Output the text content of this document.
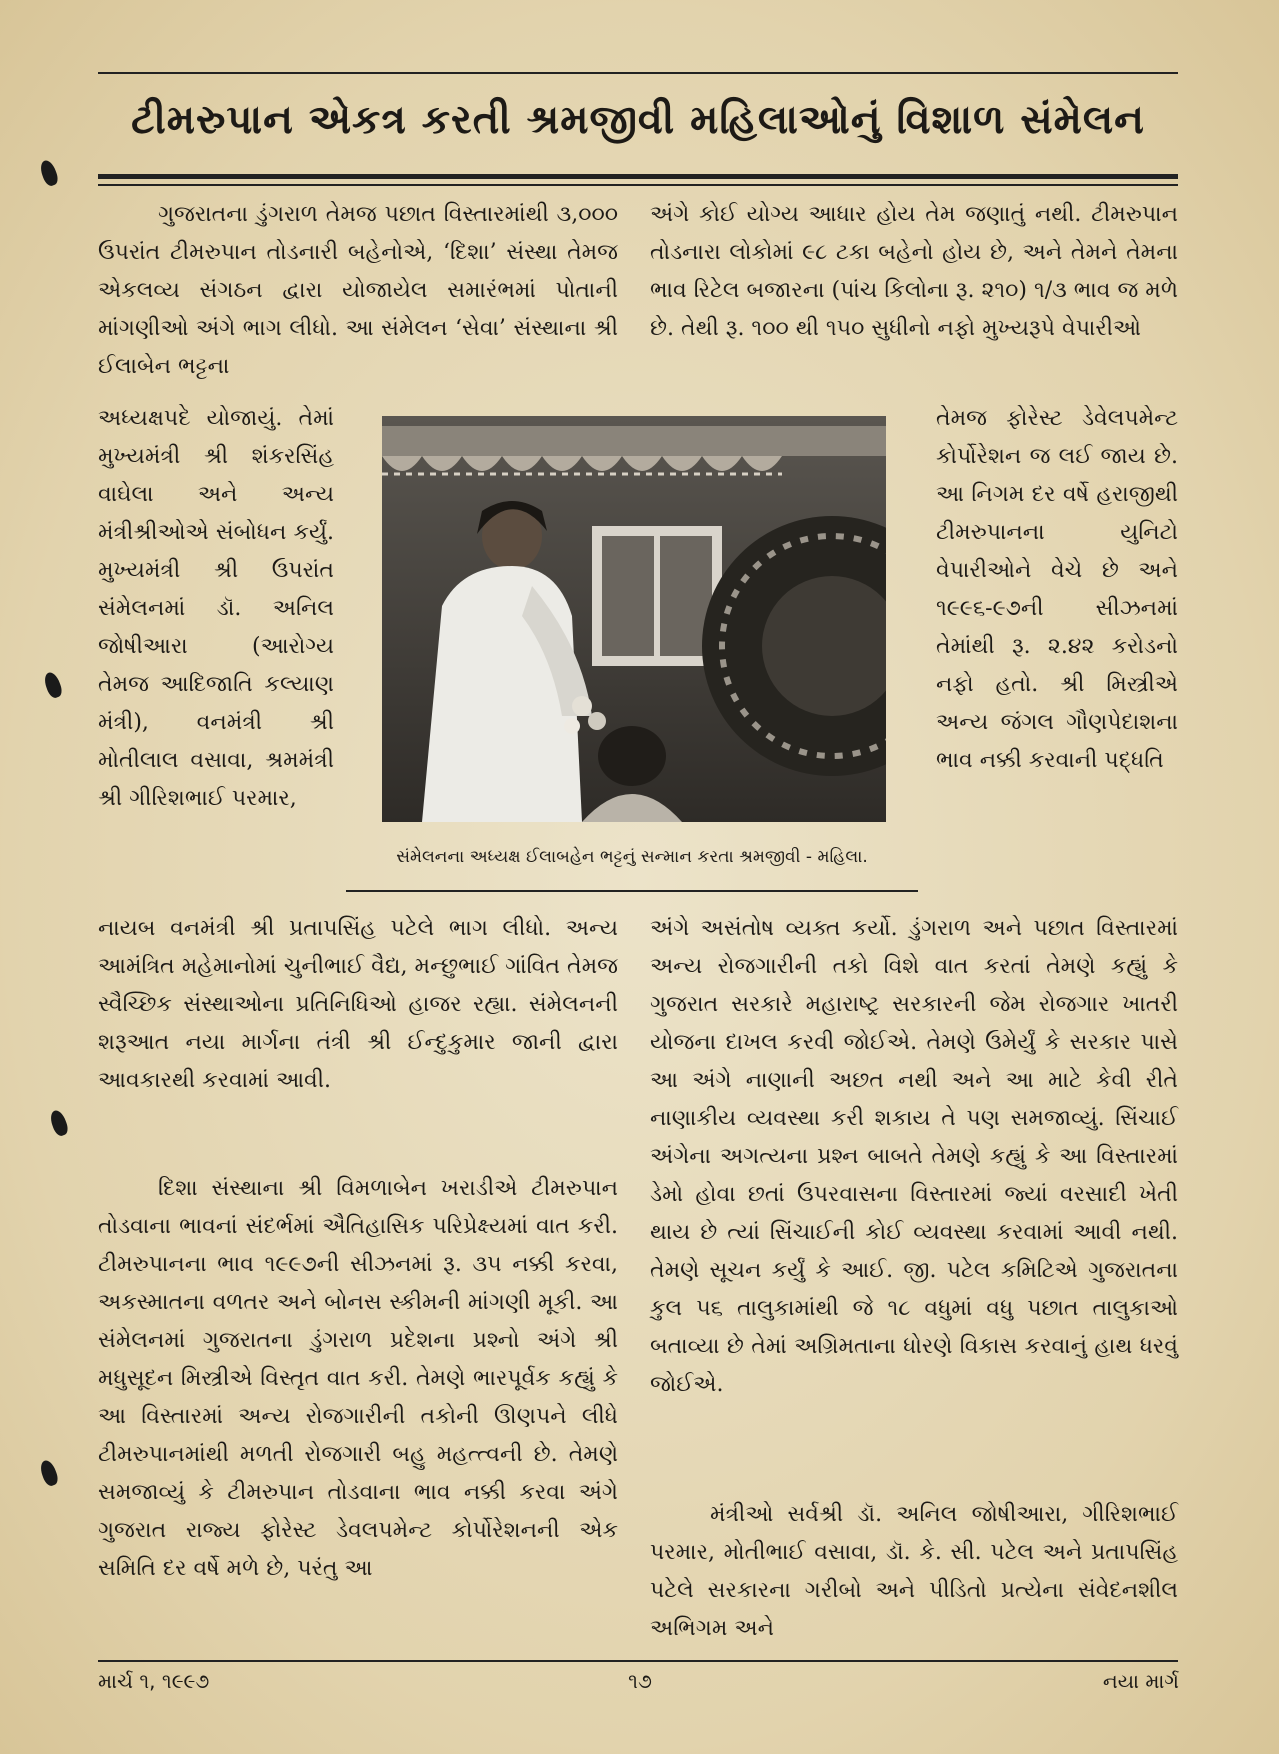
ટીમરુપાન એકત્ર કરતી શ્રમજીવી મહિલાઓનું વિશાળ સંમેલન

ગુજરાતના ડુંગરાળ તેમજ પછાત વિસ્તારમાંથી ૩,૦૦૦ ઉપરાંત ટીમરુપાન તોડનારી બહેનોએ, ‘દિશા’ સંસ્થા તેમજ એકલવ્ય સંગઠન દ્વારા યોજાયેલ સમારંભમાં પોતાની માંગણીઓ અંગે ભાગ લીધો. આ સંમેલન ‘સેવા’ સંસ્થાના શ્રી ઈલાબેન ભટ્ટના

અધ્યક્ષપદે યોજાયું. તેમાં મુખ્યમંત્રી શ્રી શંકરસિંહ વાઘેલા અને અન્ય મંત્રીશ્રીઓએ સંબોધન કર્યું. મુખ્યમંત્રી શ્રી ઉપરાંત સંમેલનમાં ડૉ. અનિલ જોષીઆરા (આરોગ્ય તેમજ આદિજાતિ કલ્યાણ મંત્રી), વનમંત્રી શ્રી મોતીલાલ વસાવા, શ્રમમંત્રી શ્રી ગીરિશભાઈ પરમાર,

નાયબ વનમંત્રી શ્રી પ્રતાપસિંહ પટેલે ભાગ લીધો. અન્ય આમંત્રિત મહેમાનોમાં ચુનીભાઈ વૈદ્ય, મન્છુભાઈ ગાંવિત તેમજ સ્વૈચ્છિક સંસ્થાઓના પ્રતિનિધિઓ હાજર રહ્યા. સંમેલનની શરૂઆત નયા માર્ગના તંત્રી શ્રી ઈન્દુકુમાર જાની દ્વારા આવકારથી કરવામાં આવી.

દિશા સંસ્થાના શ્રી વિમળાબેન ખરાડીએ ટીમરુપાન તોડવાના ભાવનાં સંદર્ભમાં ઐતિહાસિક પરિપ્રેક્ષ્યમાં વાત કરી. ટીમરુપાનના ભાવ ૧૯૯૭ની સીઝનમાં રૂ. ૩૫ નક્કી કરવા, અકસ્માતના વળતર અને બોનસ સ્કીમની માંગણી મૂકી. આ સંમેલનમાં ગુજરાતના ડુંગરાળ પ્રદેશના પ્રશ્નો અંગે શ્રી મધુસૂદન મિસ્ત્રીએ વિસ્તૃત વાત કરી. તેમણે ભારપૂર્વક કહ્યું કે આ વિસ્તારમાં અન્ય રોજગારીની તકોની ઊણપને લીધે ટીમરુપાનમાંથી મળતી રોજગારી બહુ મહત્ત્વની છે. તેમણે સમજાવ્યું કે ટીમરુપાન તોડવાના ભાવ નક્કી કરવા અંગે ગુજરાત રાજ્ય ફોરેસ્ટ ડેવલપમેન્ટ કોર્પોરેશનની એક સમિતિ દર વર્ષે મળે છે, પરંતુ આ

અંગે કોઈ યોગ્ય આધાર હોય તેમ જણાતું નથી. ટીમરુપાન તોડનારા લોકોમાં ૯૮ ટકા બહેનો હોય છે, અને તેમને તેમના ભાવ રિટેલ બજારના (પાંચ કિલોના રૂ. ૨૧૦) ૧/૩ ભાવ જ મળે છે. તેથી રૂ. ૧૦૦ થી ૧૫૦ સુધીનો નફો મુખ્યરૂપે વેપારીઓ

તેમજ ફોરેસ્ટ ડેવેલપમેન્ટ કોર્પોરેશન જ લઈ જાય છે. આ નિગમ દર વર્ષે હરાજીથી ટીમરુપાનના યુનિટો વેપારીઓને વેચે છે અને ૧૯૯૬-૯૭ની સીઝનમાં તેમાંથી રૂ. ૨.૪૨ કરોડનો નફો હતો. શ્રી મિસ્ત્રીએ અન્ય જંગલ ગૌણપેદાશના ભાવ નક્કી કરવાની પદ્ધતિ

અંગે અસંતોષ વ્યક્ત કર્યો. ડુંગરાળ અને પછાત વિસ્તારમાં અન્ય રોજગારીની તકો વિશે વાત કરતાં તેમણે કહ્યું કે ગુજરાત સરકારે મહારાષ્ટ્ર સરકારની જેમ રોજગાર ખાતરી યોજના દાખલ કરવી જોઈએ. તેમણે ઉમેર્યું કે સરકાર પાસે આ અંગે નાણાની અછત નથી અને આ માટે કેવી રીતે નાણાકીય વ્યવસ્થા કરી શકાય તે પણ સમજાવ્યું. સિંચાઈ અંગેના અગત્યના પ્રશ્ન બાબતે તેમણે કહ્યું કે આ વિસ્તારમાં ડેમો હોવા છતાં ઉપરવાસના વિસ્તારમાં જ્યાં વરસાદી ખેતી થાય છે ત્યાં સિંચાઈની કોઈ વ્યવસ્થા કરવામાં આવી નથી. તેમણે સૂચન કર્યું કે આઈ. જી. પટેલ કમિટિએ ગુજરાતના કુલ ૫૬ તાલુકામાંથી જે ૧૮ વધુમાં વધુ પછાત તાલુકાઓ બતાવ્યા છે તેમાં અગ્રિમતાના ધોરણે વિકાસ કરવાનું હાથ ધરવું જોઈએ.

મંત્રીઓ સર્વશ્રી ડૉ. અનિલ જોષીઆરા, ગીરિશભાઈ પરમાર, મોતીભાઈ વસાવા, ડૉ. કે. સી. પટેલ અને પ્રતાપસિંહ પટેલે સરકારના ગરીબો અને પીડિતો પ્રત્યેના સંવેદનશીલ અભિગમ અને

સંમેલનના અધ્યક્ષ ઈલાબહેન ભટ્ટનું સન્માન કરતા શ્રમજીવી - મહિલા.
માર્ચ ૧, ૧૯૯૭	૧૭	નયા માર્ગ
